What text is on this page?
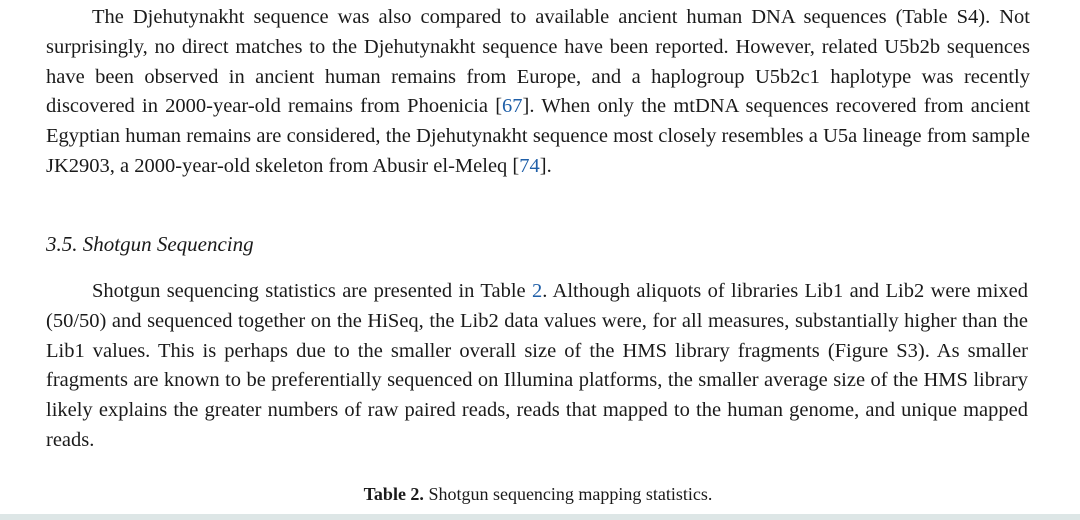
The Djehutynakht sequence was also compared to available ancient human DNA sequences (Table S4). Not surprisingly, no direct matches to the Djehutynakht sequence have been reported. However, related U5b2b sequences have been observed in ancient human remains from Europe, and a haplogroup U5b2c1 haplotype was recently discovered in 2000-year-old remains from Phoenicia [67]. When only the mtDNA sequences recovered from ancient Egyptian human remains are considered, the Djehutynakht sequence most closely resembles a U5a lineage from sample JK2903, a 2000-year-old skeleton from Abusir el-Meleq [74].

3.5. Shotgun Sequencing

Shotgun sequencing statistics are presented in Table 2. Although aliquots of libraries Lib1 and Lib2 were mixed (50/50) and sequenced together on the HiSeq, the Lib2 data values were, for all measures, substantially higher than the Lib1 values. This is perhaps due to the smaller overall size of the HMS library fragments (Figure S3). As smaller fragments are known to be preferentially sequenced on Illumina platforms, the smaller average size of the HMS library likely explains the greater numbers of raw paired reads, reads that mapped to the human genome, and unique mapped reads.

Table 2. Shotgun sequencing mapping statistics.
